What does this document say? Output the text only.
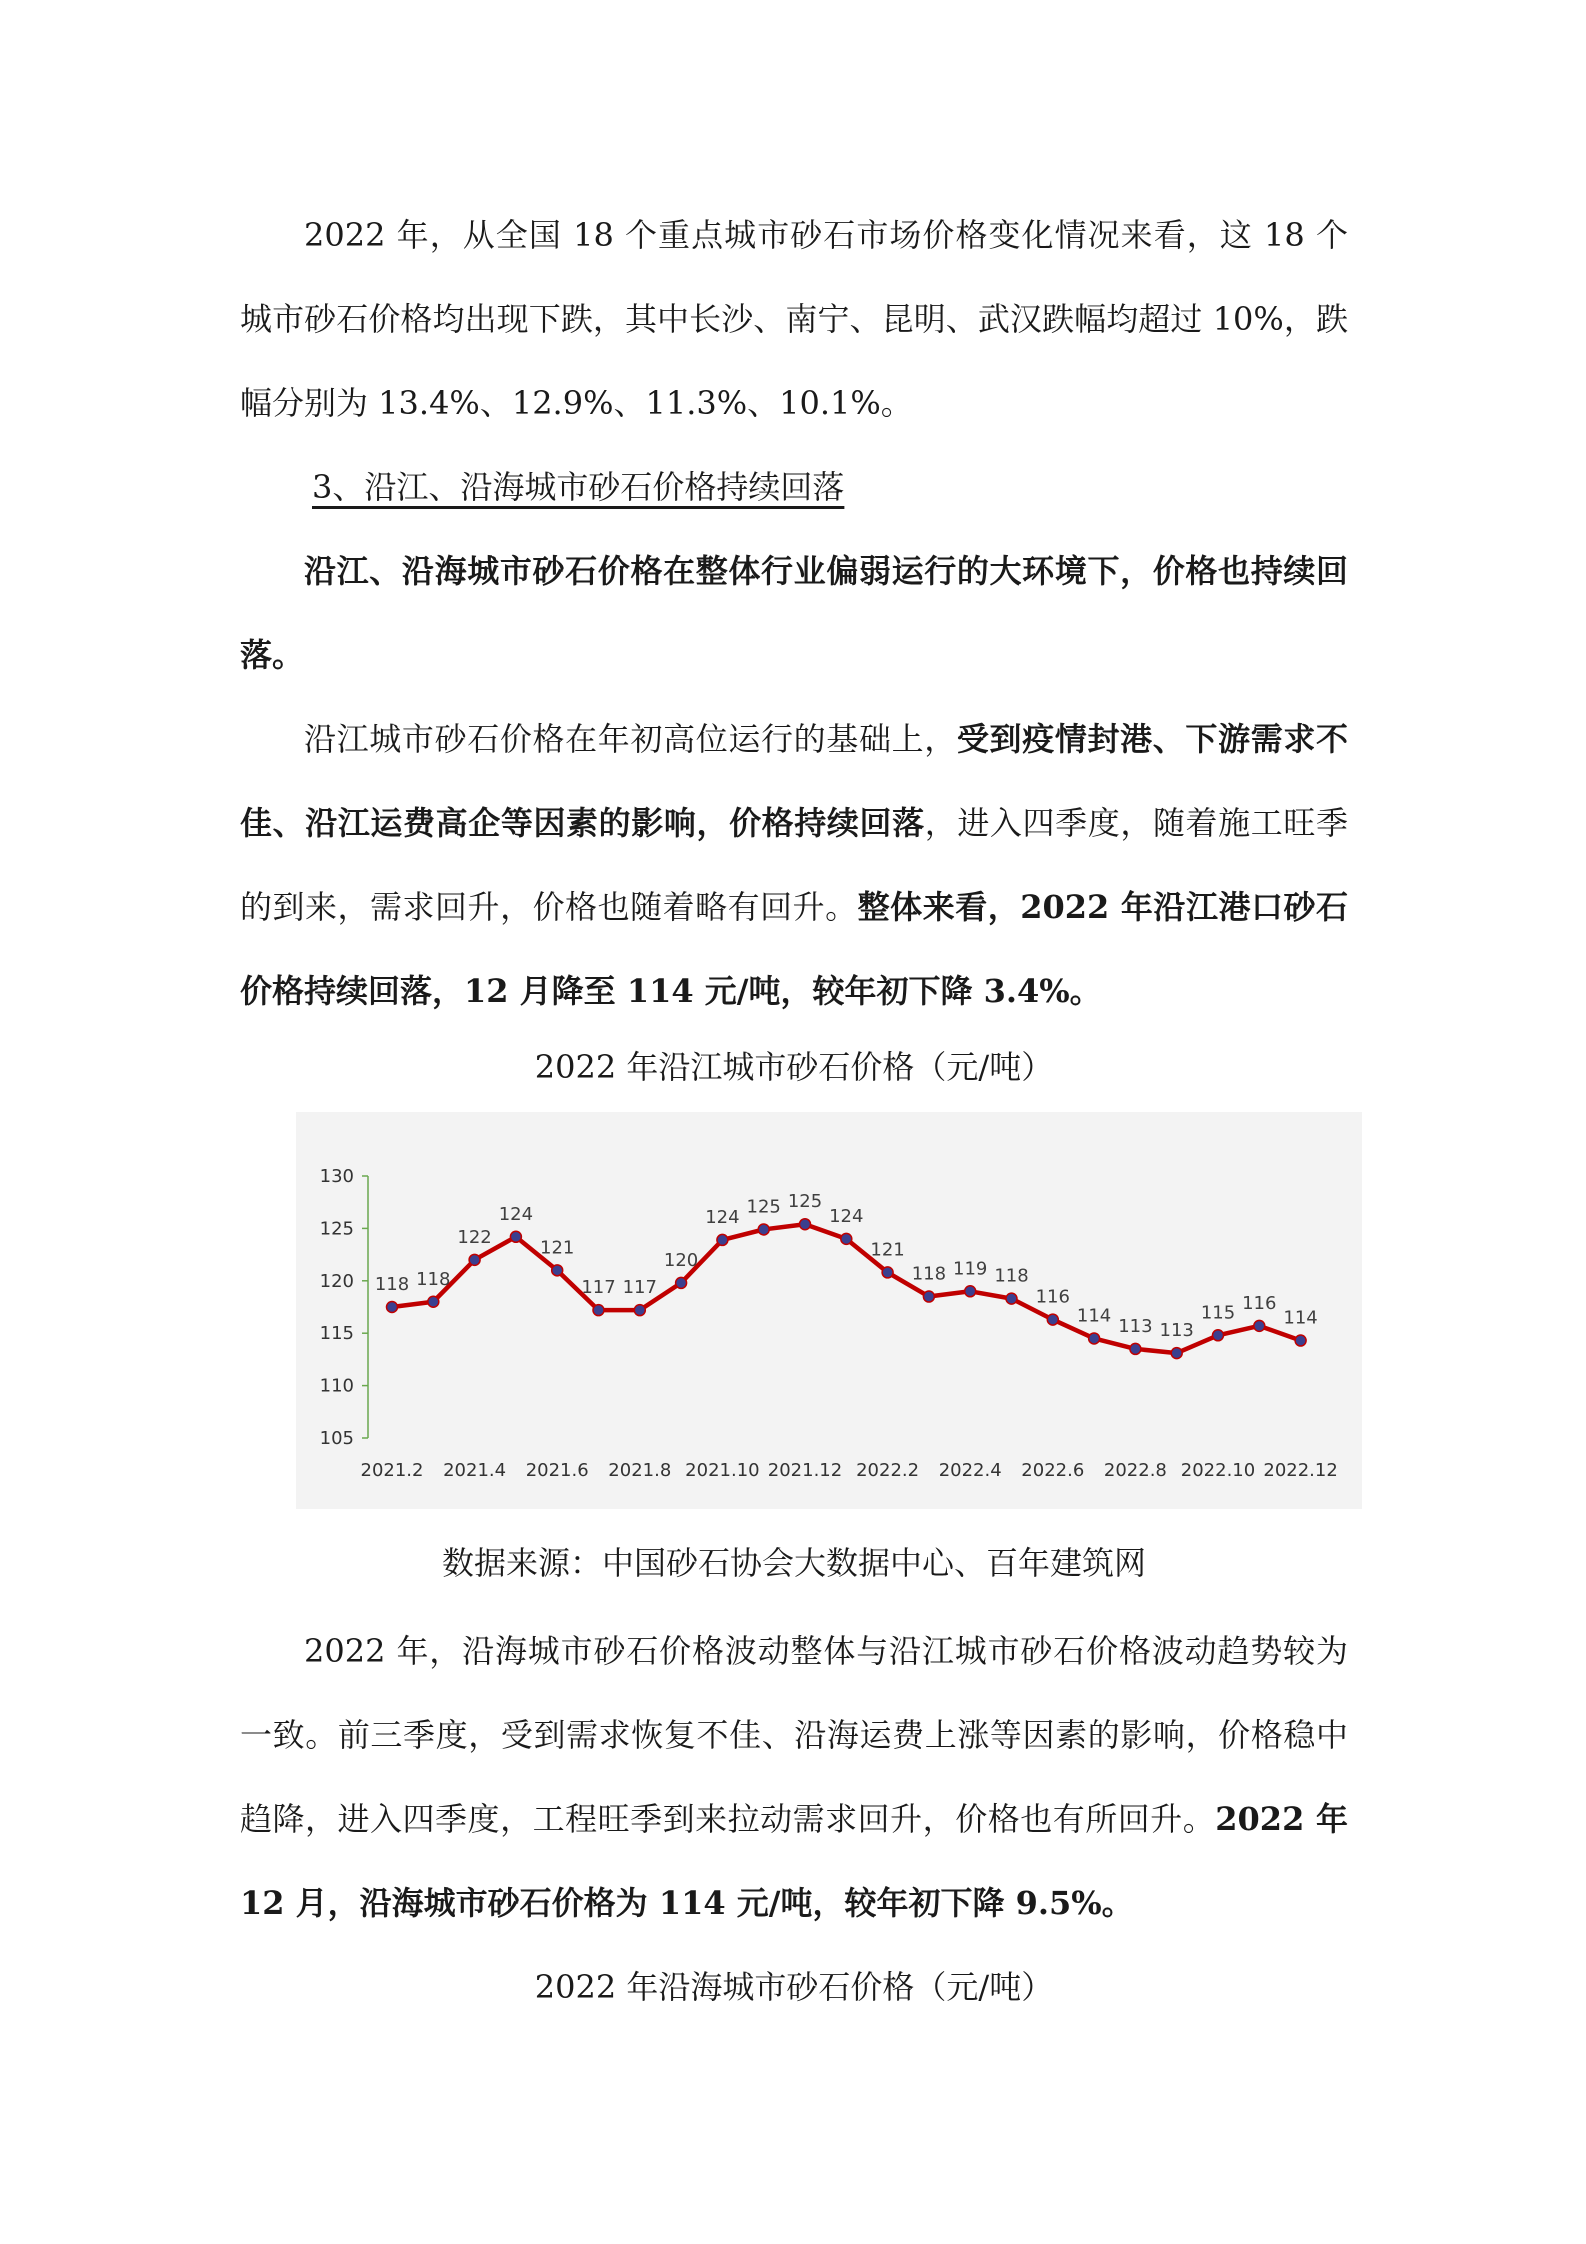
2022 年，从全国 18 个重点城市砂石市场价格变化情况来看，这 18 个城市砂石价格均出现下跌，其中长沙、南宁、昆明、武汉跌幅均超过 10%，跌幅分别为 13.4%、12.9%、11.3%、10.1%。

3、沿江、沿海城市砂石价格持续回落

沿江、沿海城市砂石价格在整体行业偏弱运行的大环境下，价格也持续回落。

沿江城市砂石价格在年初高位运行的基础上，受到疫情封港、下游需求不佳、沿江运费高企等因素的影响，价格持续回落，进入四季度，随着施工旺季的到来，需求回升，价格也随着略有回升。整体来看，2022 年沿江港口砂石价格持续回落，12 月降至 114 元/吨，较年初下降 3.4%。

2022 年沿江城市砂石价格（元/吨）

105
110
115
120
125
130
2021.2 2021.4 2021.6 2021.8 2021.10 2021.12 2022.2 2022.4 2022.6 2022.8 2022.10 2022.12
118 118
122
124
121
117 117
120
124 125 125
124
121
118 119 118
116
114 113 113
115 116
114

数据来源：中国砂石协会大数据中心、百年建筑网

2022 年，沿海城市砂石价格波动整体与沿江城市砂石价格波动趋势较为一致。前三季度，受到需求恢复不佳、沿海运费上涨等因素的影响，价格稳中趋降，进入四季度，工程旺季到来拉动需求回升，价格也有所回升。2022 年 12 月，沿海城市砂石价格为 114 元/吨，较年初下降 9.5%。

2022 年沿海城市砂石价格（元/吨）
